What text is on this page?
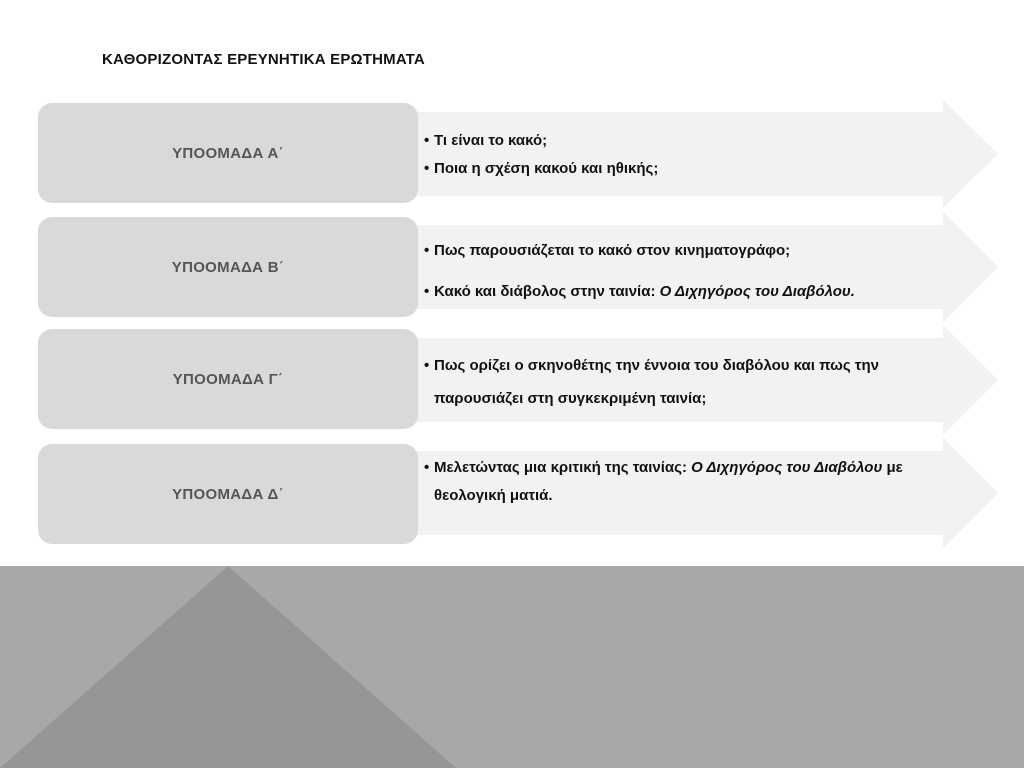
ΚΑΘΟΡΙΖΟΝΤΑΣ ΕΡΕΥΝΗΤΙΚΑ ΕΡΩΤΗΜΑΤΑ
ΥΠΟΟΜΑΔΑ Α΄
• Τι είναι το κακό;
• Ποια η σχέση κακού και ηθικής;
ΥΠΟΟΜΑΔΑ Β΄
• Πως παρουσιάζεται το κακό στον κινηματογράφο;
• Κακό και διάβολος στην ταινία: Ο Διχηγόρος του Διαβόλου.
ΥΠΟΟΜΑΔΑ Γ΄
• Πως ορίζει ο σκηνοθέτης την έννοια του διαβόλου και πως την παρουσιάζει στη συγκεκριμένη ταινία;
ΥΠΟΟΜΑΔΑ Δ΄
• Μελετώντας μια κριτική της ταινίας: Ο Διχηγόρος του Διαβόλου με θεολογική ματιά.
